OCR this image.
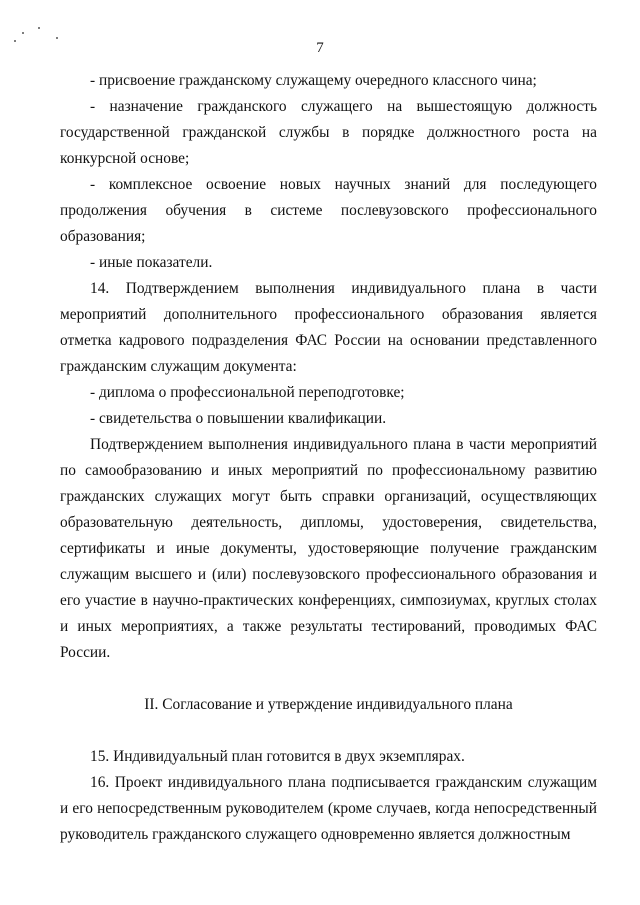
7

- присвоение гражданскому служащему очередного классного чина;

- назначение гражданского служащего на вышестоящую должность государственной гражданской службы в порядке должностного роста на конкурсной основе;

- комплексное освоение новых научных знаний для последующего продолжения обучения в системе послевузовского профессионального образования;

- иные показатели.

14. Подтверждением выполнения индивидуального плана в части мероприятий дополнительного профессионального образования является отметка кадрового подразделения ФАС России на основании представленного гражданским служащим документа:

- диплома о профессиональной переподготовке;

- свидетельства о повышении квалификации.

Подтверждением выполнения индивидуального плана в части мероприятий по самообразованию и иных мероприятий по профессиональному развитию гражданских служащих могут быть справки организаций, осуществляющих образовательную деятельность, дипломы, удостоверения, свидетельства, сертификаты и иные документы, удостоверяющие получение гражданским служащим высшего и (или) послевузовского профессионального образования и его участие в научно-практических конференциях, симпозиумах, круглых столах и иных мероприятиях, а также результаты тестирований, проводимых ФАС России.

II. Согласование и утверждение индивидуального плана

15. Индивидуальный план готовится в двух экземплярах.

16. Проект индивидуального плана подписывается гражданским служащим и его непосредственным руководителем (кроме случаев, когда непосредственный руководитель гражданского служащего одновременно является должностным
